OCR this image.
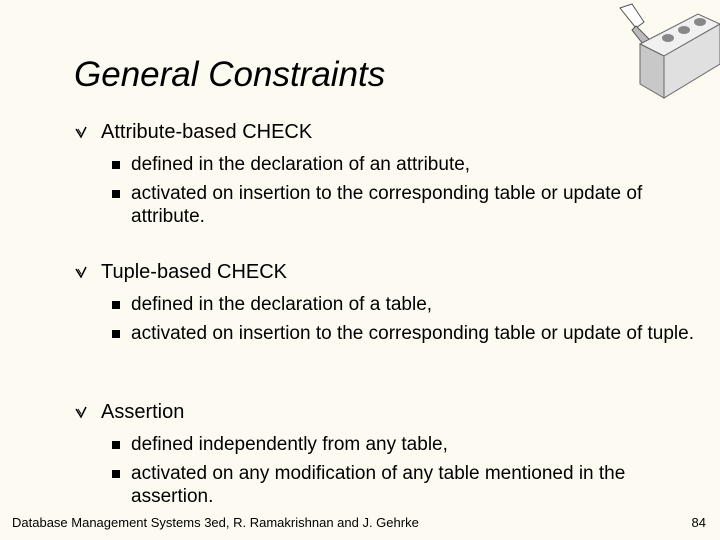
General Constraints
Attribute-based CHECK
defined in the declaration of an attribute,
activated on insertion to the corresponding table or update of attribute.
Tuple-based CHECK
defined in the declaration of a table,
activated on insertion to the corresponding table or update of tuple.
Assertion
defined independently from any table,
activated on any modification of any table mentioned in the assertion.
Database Management Systems 3ed, R. Ramakrishnan and J. Gehrke	84
